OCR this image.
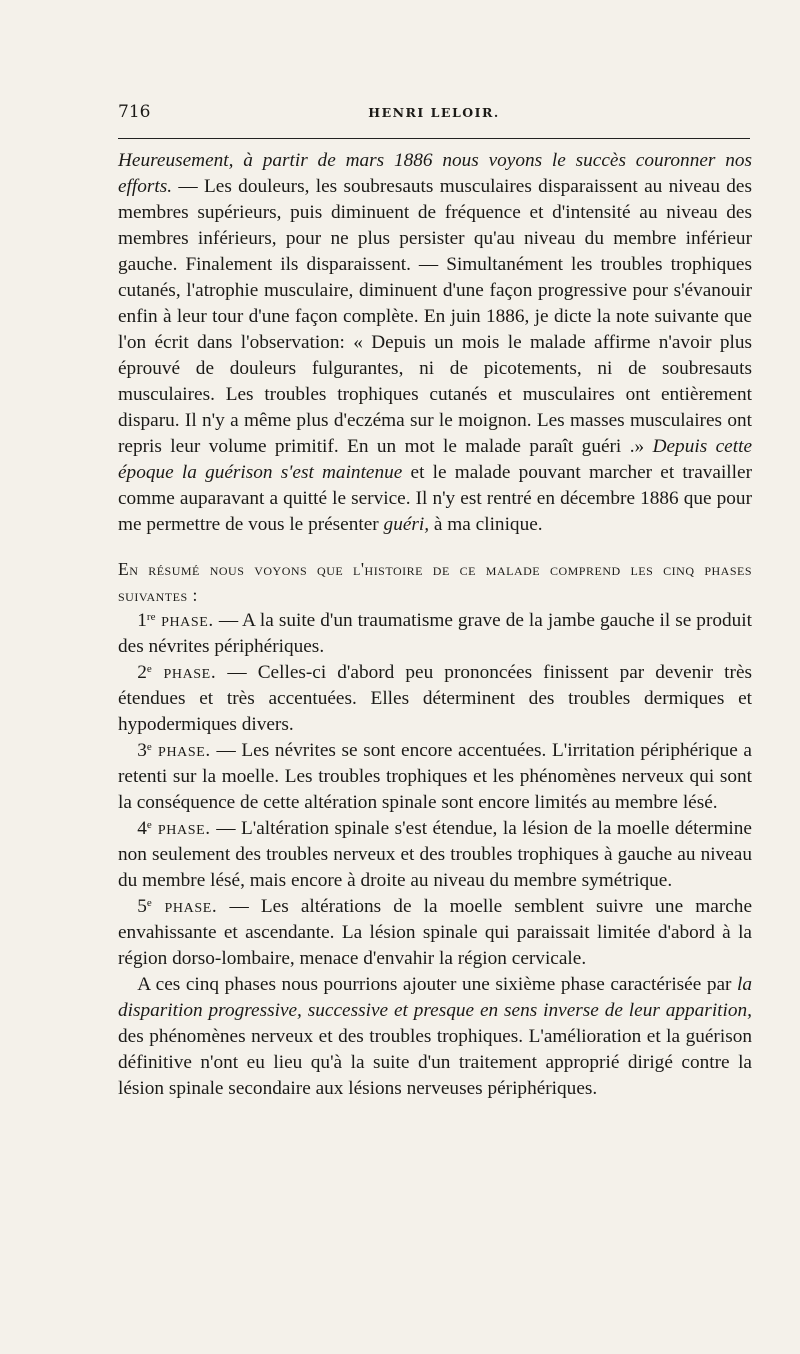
716	HENRI LELOIR.

Heureusement, à partir de mars 1886 nous voyons le succès couronner nos efforts. — Les douleurs, les soubresauts musculaires disparaissent au niveau des membres supérieurs, puis diminuent de fréquence et d'intensité au niveau des membres inférieurs, pour ne plus persister qu'au niveau du membre inférieur gauche. Finalement ils disparaissent. — Simultanément les troubles trophiques cutanés, l'atrophie musculaire, diminuent d'une façon progressive pour s'évanouir enfin à leur tour d'une façon complète. En juin 1886, je dicte la note suivante que l'on écrit dans l'observation: « Depuis un mois le malade affirme n'avoir plus éprouvé de douleurs fulgurantes, ni de picotements, ni de soubresauts musculaires. Les troubles trophiques cutanés et musculaires ont entièrement disparu. Il n'y a même plus d'eczéma sur le moignon. Les masses musculaires ont repris leur volume primitif. En un mot le malade paraît guéri .» Depuis cette époque la guérison s'est maintenue et le malade pouvant marcher et travailler comme auparavant a quitté le service. Il n'y est rentré en décembre 1886 que pour me permettre de vous le présenter guéri, à ma clinique.

En résumé nous voyons que l'histoire de ce malade comprend les cinq phases suivantes :

 1re phase. — A la suite d'un traumatisme grave de la jambe gauche il se produit des névrites périphériques.

 2e phase. — Celles-ci d'abord peu prononcées finissent par devenir très étendues et très accentuées. Elles déterminent des troubles dermiques et hypodermiques divers.

 3e phase. — Les névrites se sont encore accentuées. L'irritation périphérique a retenti sur la moelle. Les troubles trophiques et les phénomènes nerveux qui sont la conséquence de cette altération spinale sont encore limités au membre lésé.

 4e phase. — L'altération spinale s'est étendue, la lésion de la moelle détermine non seulement des troubles nerveux et des troubles trophiques à gauche au niveau du membre lésé, mais encore à droite au niveau du membre symétrique.

 5e phase. — Les altérations de la moelle semblent suivre une marche envahissante et ascendante. La lésion spinale qui paraissait limitée d'abord à la région dorso-lombaire, menace d'envahir la région cervicale.

 A ces cinq phases nous pourrions ajouter une sixième phase caractérisée par la disparition progressive, successive et presque en sens inverse de leur apparition, des phénomènes nerveux et des troubles trophiques. L'amélioration et la guérison définitive n'ont eu lieu qu'à la suite d'un traitement approprié dirigé contre la lésion spinale secondaire aux lésions nerveuses périphériques.
